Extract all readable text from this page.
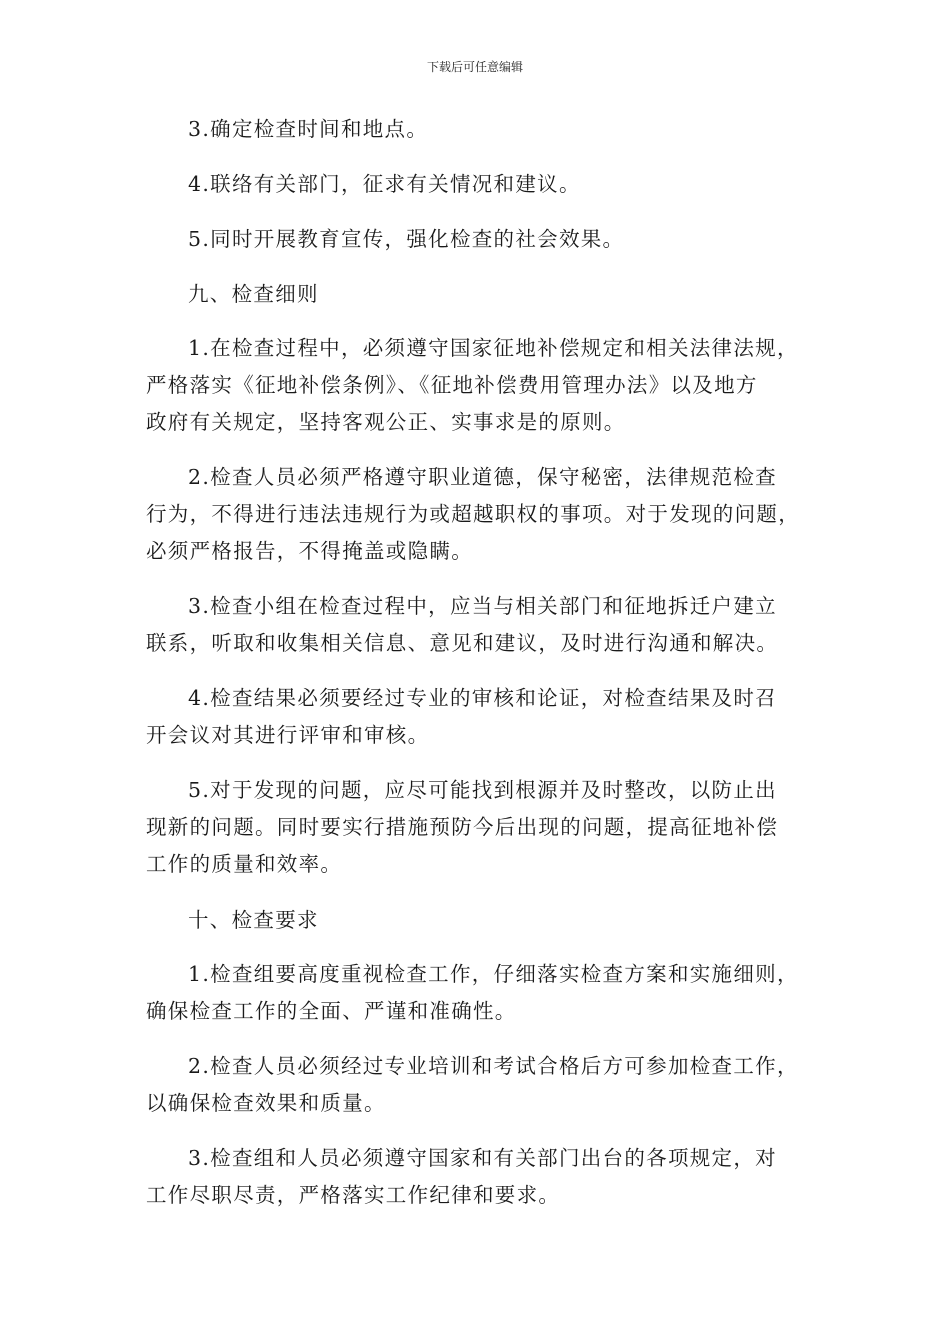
下载后可任意编辑
3.确定检查时间和地点。
4.联络有关部门，征求有关情况和建议。
5.同时开展教育宣传，强化检查的社会效果。
九、检查细则
1.在检查过程中，必须遵守国家征地补偿规定和相关法律法规，
严格落实《征地补偿条例》、《征地补偿费用管理办法》以及地方
政府有关规定，坚持客观公正、实事求是的原则。
2.检查人员必须严格遵守职业道德，保守秘密，法律规范检查
行为，不得进行违法违规行为或超越职权的事项。对于发现的问题，
必须严格报告，不得掩盖或隐瞒。
3.检查小组在检查过程中，应当与相关部门和征地拆迁户建立
联系，听取和收集相关信息、意见和建议，及时进行沟通和解决。
4.检查结果必须要经过专业的审核和论证，对检查结果及时召
开会议对其进行评审和审核。
5.对于发现的问题，应尽可能找到根源并及时整改，以防止出
现新的问题。同时要实行措施预防今后出现的问题，提高征地补偿
工作的质量和效率。
十、检查要求
1.检查组要高度重视检查工作，仔细落实检查方案和实施细则，
确保检查工作的全面、严谨和准确性。
2.检查人员必须经过专业培训和考试合格后方可参加检查工作，
以确保检查效果和质量。
3.检查组和人员必须遵守国家和有关部门出台的各项规定，对
工作尽职尽责，严格落实工作纪律和要求。
